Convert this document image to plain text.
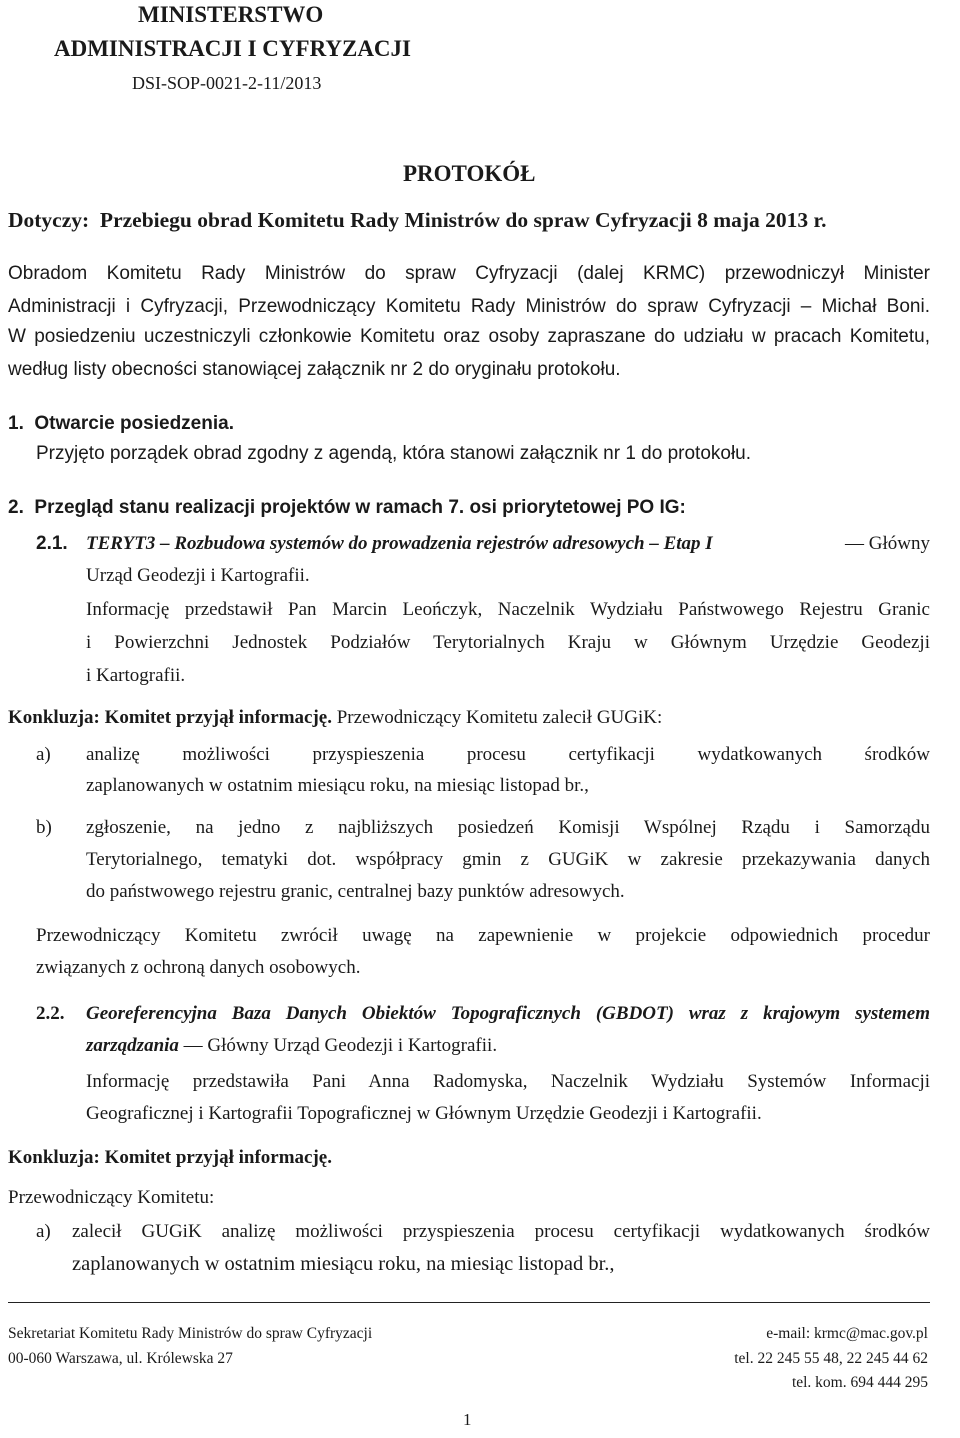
MINISTERSTWO
ADMINISTRACJI I CYFRYZACJI
DSI-SOP-0021-2-11/2013
PROTOKÓŁ
Dotyczy:  Przebiegu obrad Komitetu Rady Ministrów do spraw Cyfryzacji 8 maja 2013 r.
Obradom Komitetu Rady Ministrów do spraw Cyfryzacji (dalej KRMC) przewodniczył Minister
Administracji i Cyfryzacji, Przewodniczący Komitetu Rady Ministrów do spraw Cyfryzacji – Michał Boni.
W posiedzeniu uczestniczyli członkowie Komitetu oraz osoby zapraszane do udziału w pracach Komitetu,
według listy obecności stanowiącej załącznik nr 2 do oryginału protokołu.
1.  Otwarcie posiedzenia.
Przyjęto porządek obrad zgodny z agendą, która stanowi załącznik nr 1 do protokołu.
2.  Przegląd stanu realizacji projektów w ramach 7. osi priorytetowej PO IG:
2.1. TERYT3 – Rozbudowa systemów do prowadzenia rejestrów adresowych – Etap I	— Główny
Urząd Geodezji i Kartografii.
Informację przedstawił Pan Marcin Leończyk, Naczelnik Wydziału Państwowego Rejestru Granic
i Powierzchni Jednostek Podziałów Terytorialnych Kraju w Głównym Urzędzie Geodezji
i Kartografii.
Konkluzja: Komitet przyjął informację. Przewodniczący Komitetu zalecił GUGiK:
a) analizę możliwości przyspieszenia procesu certyfikacji wydatkowanych środków
zaplanowanych w ostatnim miesiącu roku, na miesiąc listopad br.,
b) zgłoszenie, na jedno z najbliższych posiedzeń Komisji Wspólnej Rządu i Samorządu
Terytorialnego, tematyki dot. współpracy gmin z GUGiK w zakresie przekazywania danych
do państwowego rejestru granic, centralnej bazy punktów adresowych.
Przewodniczący Komitetu zwrócił uwagę na zapewnienie w projekcie odpowiednich procedur
związanych z ochroną danych osobowych.
2.2. Georeferencyjna Baza Danych Obiektów Topograficznych (GBDOT) wraz z krajowym systemem
zarządzania — Główny Urząd Geodezji i Kartografii.
Informację przedstawiła Pani Anna Radomyska, Naczelnik Wydziału Systemów Informacji
Geograficznej i Kartografii Topograficznej w Głównym Urzędzie Geodezji i Kartografii.
Konkluzja: Komitet przyjął informację.
Przewodniczący Komitetu:
a) zalecił GUGiK analizę możliwości przyspieszenia procesu certyfikacji wydatkowanych środków
zaplanowanych w ostatnim miesiącu roku, na miesiąc listopad br.,
Sekretariat Komitetu Rady Ministrów do spraw Cyfryzacji
00-060 Warszawa, ul. Królewska 27
e-mail: krmc@mac.gov.pl
tel. 22 245 55 48, 22 245 44 62
tel. kom. 694 444 295
1
